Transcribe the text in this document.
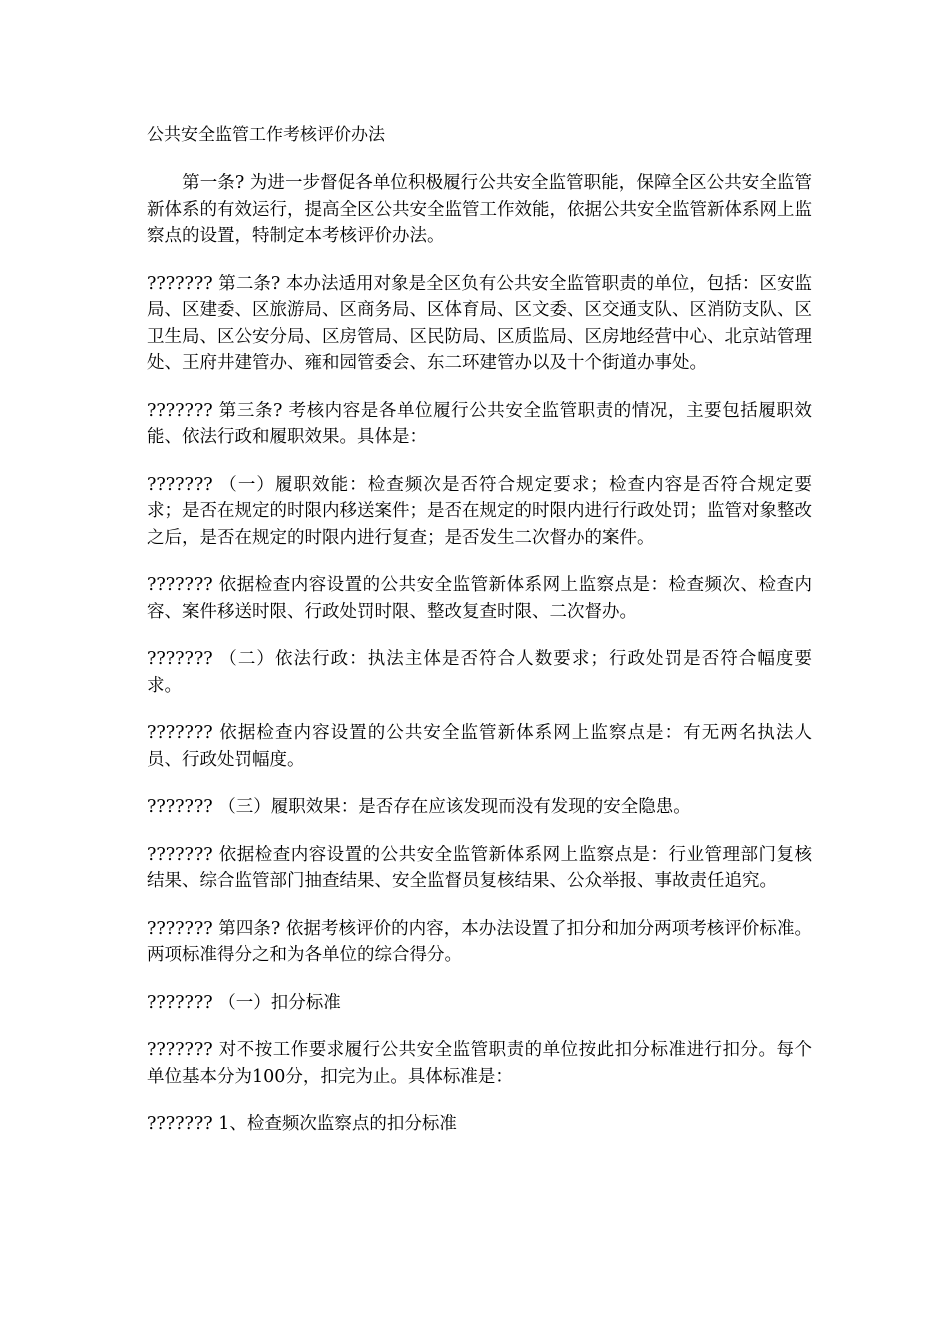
公共安全监管工作考核评价办法

　　第一条? 为进一步督促各单位积极履行公共安全监管职能，保障全区公共安全监管新体系的有效运行，提高全区公共安全监管工作效能，依据公共安全监管新体系网上监察点的设置，特制定本考核评价办法。

??????? 第二条? 本办法适用对象是全区负有公共安全监管职责的单位，包括：区安监局、区建委、区旅游局、区商务局、区体育局、区文委、区交通支队、区消防支队、区卫生局、区公安分局、区房管局、区民防局、区质监局、区房地经营中心、北京站管理处、王府井建管办、雍和园管委会、东二环建管办以及十个街道办事处。

??????? 第三条? 考核内容是各单位履行公共安全监管职责的情况，主要包括履职效能、依法行政和履职效果。具体是：

??????? （一）履职效能：检查频次是否符合规定要求；检查内容是否符合规定要求；是否在规定的时限内移送案件；是否在规定的时限内进行行政处罚；监管对象整改之后，是否在规定的时限内进行复查；是否发生二次督办的案件。

??????? 依据检查内容设置的公共安全监管新体系网上监察点是：检查频次、检查内容、案件移送时限、行政处罚时限、整改复查时限、二次督办。

??????? （二）依法行政：执法主体是否符合人数要求；行政处罚是否符合幅度要求。

??????? 依据检查内容设置的公共安全监管新体系网上监察点是：有无两名执法人员、行政处罚幅度。

??????? （三）履职效果：是否存在应该发现而没有发现的安全隐患。

??????? 依据检查内容设置的公共安全监管新体系网上监察点是：行业管理部门复核结果、综合监管部门抽查结果、安全监督员复核结果、公众举报、事故责任追究。

??????? 第四条? 依据考核评价的内容，本办法设置了扣分和加分两项考核评价标准。两项标准得分之和为各单位的综合得分。

??????? （一）扣分标准

??????? 对不按工作要求履行公共安全监管职责的单位按此扣分标准进行扣分。每个单位基本分为100分，扣完为止。具体标准是：

??????? 1、检查频次监察点的扣分标准
